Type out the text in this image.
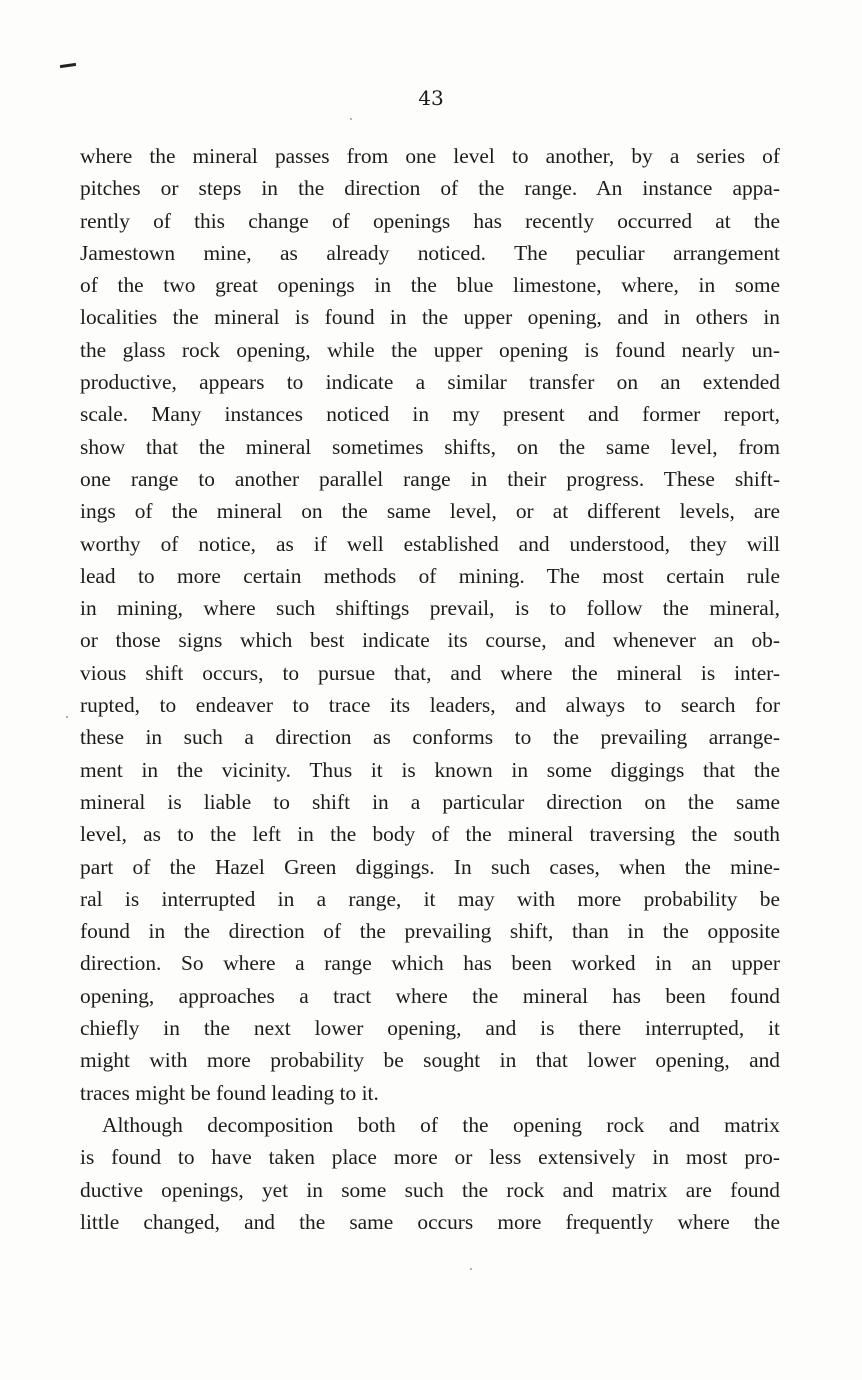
43
where the mineral passes from one level to another, by a series of
pitches or steps in the direction of the range. An instance appa-
rently of this change of openings has recently occurred at the
Jamestown mine, as already noticed. The peculiar arrangement
of the two great openings in the blue limestone, where, in some
localities the mineral is found in the upper opening, and in others in
the glass rock opening, while the upper opening is found nearly un-
productive, appears to indicate a similar transfer on an extended
scale. Many instances noticed in my present and former report,
show that the mineral sometimes shifts, on the same level, from
one range to another parallel range in their progress. These shift-
ings of the mineral on the same level, or at different levels, are
worthy of notice, as if well established and understood, they will
lead to more certain methods of mining. The most certain rule
in mining, where such shiftings prevail, is to follow the mineral,
or those signs which best indicate its course, and whenever an ob-
vious shift occurs, to pursue that, and where the mineral is inter-
rupted, to endeaver to trace its leaders, and always to search for
these in such a direction as conforms to the prevailing arrange-
ment in the vicinity. Thus it is known in some diggings that the
mineral is liable to shift in a particular direction on the same
level, as to the left in the body of the mineral traversing the south
part of the Hazel Green diggings. In such cases, when the mine-
ral is interrupted in a range, it may with more probability be
found in the direction of the prevailing shift, than in the opposite
direction. So where a range which has been worked in an upper
opening, approaches a tract where the mineral has been found
chiefly in the next lower opening, and is there interrupted, it
might with more probability be sought in that lower opening, and
traces might be found leading to it.
Although decomposition both of the opening rock and matrix
is found to have taken place more or less extensively in most pro-
ductive openings, yet in some such the rock and matrix are found
little changed, and the same occurs more frequently where the
